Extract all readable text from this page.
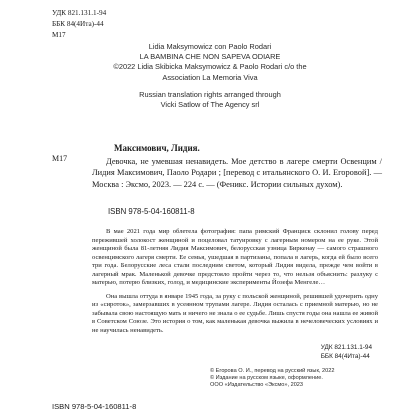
УДК 821.131.1-94
ББК 84(4Ита)-44
M17

Lidia Maksymowicz con Paolo Rodari

LA BAMBINA CHE NON SAPEVA ODIARE

©2022 Lidia Skibicka Maksymowicz & Paolo Rodari c/o the

Association La Memoria Viva

Russian translation rights arranged through

Vicki Satlow of The Agency srl

M17
Максимович, Лидия.

Девочка, не умевшая ненавидеть. Мое детство в лагере смерти Освенцим / Лидия Максимович, Паоло Родари ; [перевод с итальянского О. И. Егоровой]. — Москва : Эксмо, 2023. — 224 с. — (Феникс. Истории сильных духом).

ISBN 978-5-04-160811-8

В мае 2021 года мир облетела фотография: папа римский Франциск склонил голову перед пережившей холокост женщиной и поцеловал татуировку с лагерным номером на ее руке. Этой женщиной была 81-летняя Лидия Максимович, белорусская узница Биркенау — самого страшного освенцимского лагеря смерти. Ее семья, ушедшая в партизаны, попала в лагерь, когда ей было всего три года. Белорусские леса стали последним светом, который Лидия видела, прежде чем войти в лагерный мрак. Маленькой девочке предстояло пройти через то, что нельзя объяснить: разлуку с матерью, потерю близких, голод, и медицинские эксперименты Йозефа Менгеле…

Она вышла оттуда в январе 1945 года, за руку с польской женщиной, решившей удочерить одну из «сироток», замерзавших в усеянном трупами лагере. Лидия осталась с приемной матерью, но не забывала свою настоящую мать и ничего не знала о ее судьбе. Лишь спустя годы она нашла ее живой в Советском Союзе. Это история о том, как маленькая девочка выжила в нечеловеческих условиях и не научилась ненавидеть.

УДК 821.131.1-94
ББК 84(4Ита)-44

© Егорова О. И., перевод на русский язык, 2022

© Издание на русском языке, оформление.

ООО «Издательство «Эксмо», 2023

ISBN 978-5-04-160811-8
